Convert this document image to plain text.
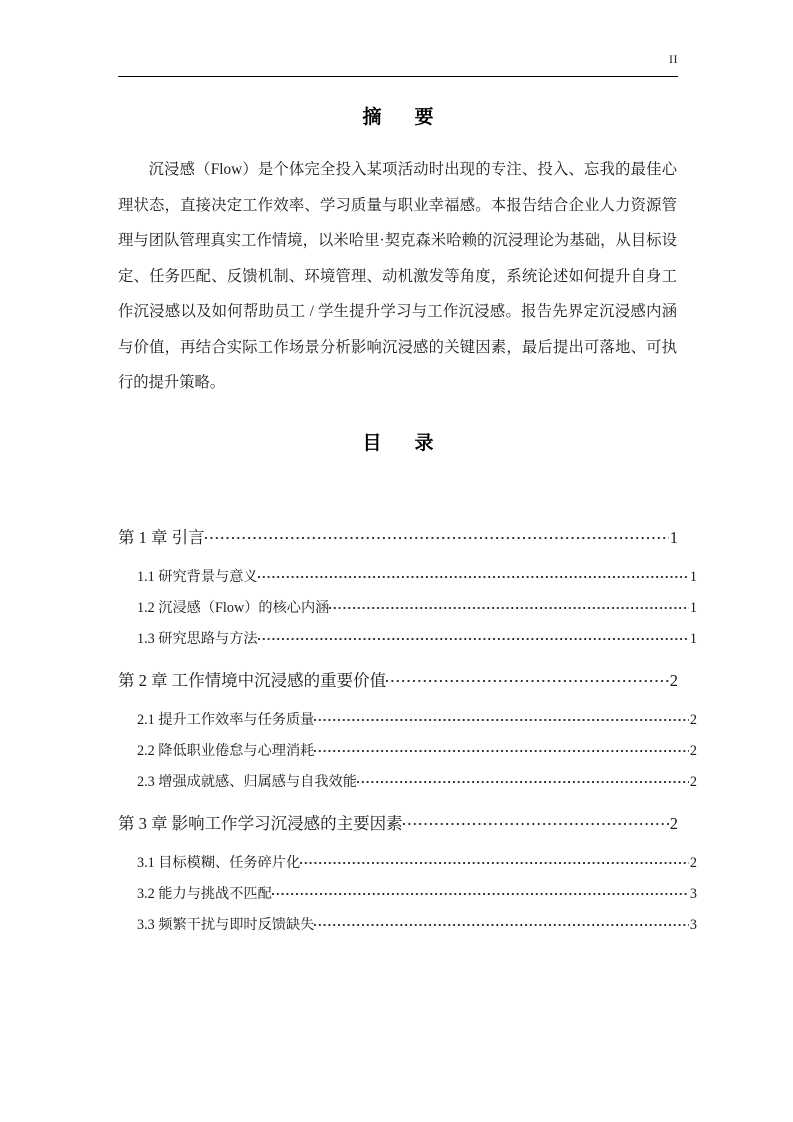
II
摘　要
沉浸感（Flow）是个体完全投入某项活动时出现的专注、投入、忘我的最佳心理状态，直接决定工作效率、学习质量与职业幸福感。本报告结合企业人力资源管理与团队管理真实工作情境，以米哈里·契克森米哈赖的沉浸理论为基础，从目标设定、任务匹配、反馈机制、环境管理、动机激发等角度，系统论述如何提升自身工作沉浸感以及如何帮助员工 / 学生提升学习与工作沉浸感。报告先界定沉浸感内涵与价值，再结合实际工作场景分析影响沉浸感的关键因素，最后提出可落地、可执行的提升策略。
目　录
第 1 章 引言	1
1.1 研究背景与意义	1
1.2 沉浸感（Flow）的核心内涵	1
1.3 研究思路与方法	1
第 2 章 工作情境中沉浸感的重要价值	2
2.1 提升工作效率与任务质量	2
2.2 降低职业倦怠与心理消耗	2
2.3 增强成就感、归属感与自我效能	2
第 3 章 影响工作学习沉浸感的主要因素	2
3.1 目标模糊、任务碎片化	2
3.2 能力与挑战不匹配	3
3.3 频繁干扰与即时反馈缺失	3
